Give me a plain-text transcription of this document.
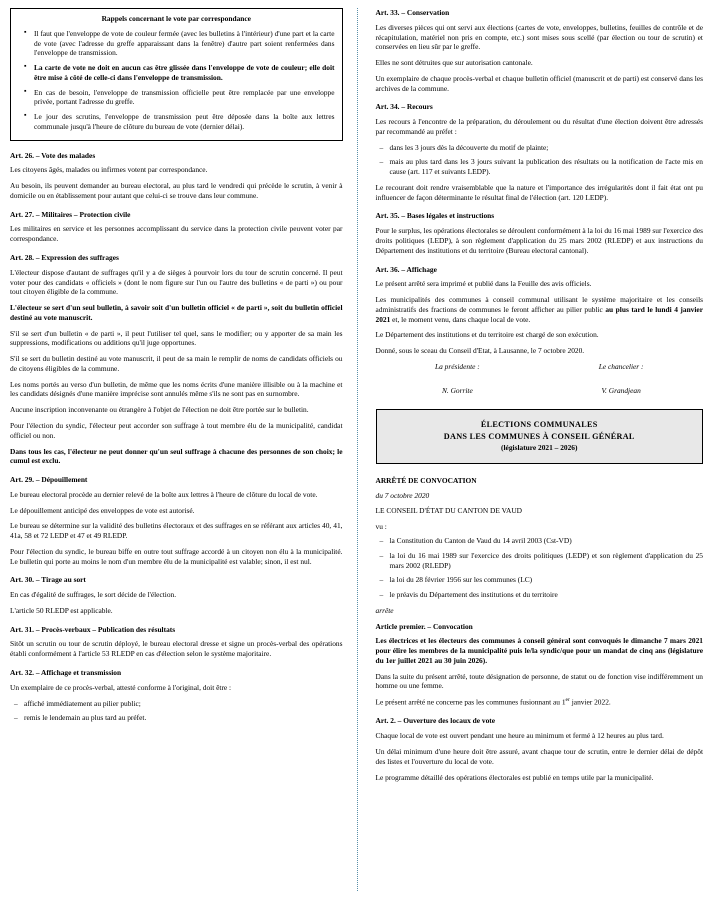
Rappels concernant le vote par correspondance
▪ Il faut que l'enveloppe de vote de couleur fermée (avec les bulletins à l'intérieur) d'une part et la carte de vote (avec l'adresse du greffe apparaissant dans la fenêtre) d'autre part soient renfermées dans l'enveloppe de transmission.
▪ La carte de vote ne doit en aucun cas être glissée dans l'enveloppe de vote de couleur; elle doit être mise à côté de celle-ci dans l'enveloppe de transmission.
▪ En cas de besoin, l'enveloppe de transmission officielle peut être remplacée par une enveloppe privée, portant l'adresse du greffe.
▪ Le jour des scrutins, l'enveloppe de transmission peut être déposée dans la boîte aux lettres communale jusqu'à l'heure de clôture du bureau de vote (dernier délai).

Art. 26. – Vote des malades

Les citoyens âgés, malades ou infirmes votent par correspondance.

Au besoin, ils peuvent demander au bureau electoral, au plus tard le vendredi qui précède le scrutin, à venir à domicile ou en établissement pour autant que celui-ci se trouve dans leur commune.

Art. 27. – Militaires – Protection civile

Les militaires en service et les personnes accomplissant du service dans la protection civile peuvent voter par correspondance.

Art. 28. – Expression des suffrages

L'électeur dispose d'autant de suffrages qu'il y a de sièges à pourvoir lors du tour de scrutin concerné. Il peut voter pour des candidats « officiels » (dont le nom figure sur l'un ou l'autre des bulletins « de parti ») ou pour tout citoyen éligible de la commune.

L'électeur se sert d'un seul bulletin, à savoir soit d'un bulletin officiel « de parti », soit du bulletin officiel destiné au vote manuscrit.

S'il se sert d'un bulletin « de parti », il peut l'utiliser tel quel, sans le modifier; ou y apporter de sa main les suppressions, modifications ou additions qu'il juge opportunes.

S'il se sert du bulletin destiné au vote manuscrit, il peut de sa main le remplir de noms de candidats officiels ou de citoyens éligibles de la commune.

Les noms portés au verso d'un bulletin, de même que les noms écrits d'une manière illisible ou à la machine et les candidats désignés d'une manière imprécise sont annulés même s'ils ne sont pas en surnombre.

Aucune inscription inconvenante ou étrangère à l'objet de l'élection ne doit être portée sur le bulletin.

Pour l'élection du syndic, l'électeur peut accorder son suffrage à tout membre élu de la municipalité, candidat officiel ou non.

Dans tous les cas, l'électeur ne peut donner qu'un seul suffrage à chacune des personnes de son choix; le cumul est exclu.

Art. 29. – Dépouillement

Le bureau electoral procède au dernier relevé de la boîte aux lettres à l'heure de clôture du local de vote.

Le dépouillement anticipé des enveloppes de vote est autorisé.

Le bureau se détermine sur la validité des bulletins électoraux et des suffrages en se référant aux articles 40, 41, 41a, 58 et 72 LEDP et 47 et 49 RLEDP.

Pour l'élection du syndic, le bureau biffe en outre tout suffrage accordé à un citoyen non élu à la municipalité. Le bulletin qui porte au moins le nom d'un membre élu de la municipalité est valable; sinon, il est nul.

Art. 30. – Tirage au sort

En cas d'égalité de suffrages, le sort décide de l'élection.

L'article 50 RLEDP est applicable.

Art. 31. – Procès-verbaux – Publication des résultats

Sitôt un scrutin ou tour de scrutin déployé, le bureau electoral dresse et signe un procès-verbal des opérations établi conformément à l'article 53 RLEDP en cas d'élection selon le système majoritaire.

Art. 32. – Affichage et transmission

Un exemplaire de ce procès-verbal, attesté conforme à l'original, doit être :

– affiché immédiatement au pilier public;
– remis le lendemain au plus tard au préfet.

Art. 33. – Conservation

Les diverses pièces qui ont servi aux élections (cartes de vote, enveloppes, bulletins, feuilles de contrôle et de récapitulation, matériel non pris en compte, etc.) sont mises sous scellé (par élection ou tour de scrutin) et conservées en lieu sûr par le greffe.

Elles ne sont détruites que sur autorisation cantonale.

Un exemplaire de chaque procès-verbal et chaque bulletin officiel (manuscrit et de parti) est conservé dans les archives de la commune.

Art. 34. – Recours

Les recours à l'encontre de la préparation, du déroulement ou du résultat d'une élection doivent être adressés par recommandé au préfet :

– dans les 3 jours dès la découverte du motif de plainte;
– mais au plus tard dans les 3 jours suivant la publication des résultats ou la notification de l'acte mis en cause (art. 117 et suivants LEDP).

Le recourant doit rendre vraisemblable que la nature et l'importance des irrégularités dont il fait état ont pu influencer de façon déterminante le résultat final de l'élection (art. 120 LEDP).

Art. 35. – Bases légales et instructions

Pour le surplus, les opérations électorales se déroulent conformément à la loi du 16 mai 1989 sur l'exercice des droits politiques (LEDP), à son règlement d'application du 25 mars 2002 (RLEDP) et aux instructions du Département des institutions et du territoire (Bureau electoral cantonal).

Art. 36. – Affichage

Le présent arrêté sera imprimé et publié dans la Feuille des avis officiels.

Les municipalités des communes à conseil communal utilisant le système majoritaire et les conseils administratifs des fractions de communes le feront afficher au pilier public au plus tard le lundi 4 janvier 2021 et, le moment venu, dans chaque local de vote.

Le Département des institutions et du territoire est chargé de son exécution.

Donné, sous le sceau du Conseil d'Etat, à Lausanne, le 7 octobre 2020.

La présidente :
N. Gorrite
Le chancelier :
V. Grandjean
ÉLECTIONS COMMUNALES
DANS LES COMMUNES À CONSEIL GÉNÉRAL
(législature 2021 – 2026)

ARRÊTÉ DE CONVOCATION

du 7 octobre 2020

LE CONSEIL D'ÉTAT DU CANTON DE VAUD

vu :

– la Constitution du Canton de Vaud du 14 avril 2003 (Cst-VD)
– la loi du 16 mai 1989 sur l'exercice des droits politiques (LEDP) et son règlement d'application du 25 mars 2002 (RLEDP)
– la loi du 28 février 1956 sur les communes (LC)
– le préavis du Département des institutions et du territoire

arrête

Article premier. – Convocation

Les électrices et les électeurs des communes à conseil général sont convoqués le dimanche 7 mars 2021 pour élire les membres de la municipalité puis le/la syndic/que pour un mandat de cinq ans (législature du 1er juillet 2021 au 30 juin 2026).

Dans la suite du présent arrêté, toute désignation de personne, de statut ou de fonction vise indifféremment un homme ou une femme.

Le présent arrêté ne concerne pas les communes fusionnant au 1er janvier 2022.

Art. 2. – Ouverture des locaux de vote

Chaque local de vote est ouvert pendant une heure au minimum et fermé à 12 heures au plus tard.

Un délai minimum d'une heure doit être assuré, avant chaque tour de scrutin, entre le dernier délai de dépôt des listes et l'ouverture du local de vote.

Le programme détaillé des opérations électorales est publié en temps utile par la municipalité.
